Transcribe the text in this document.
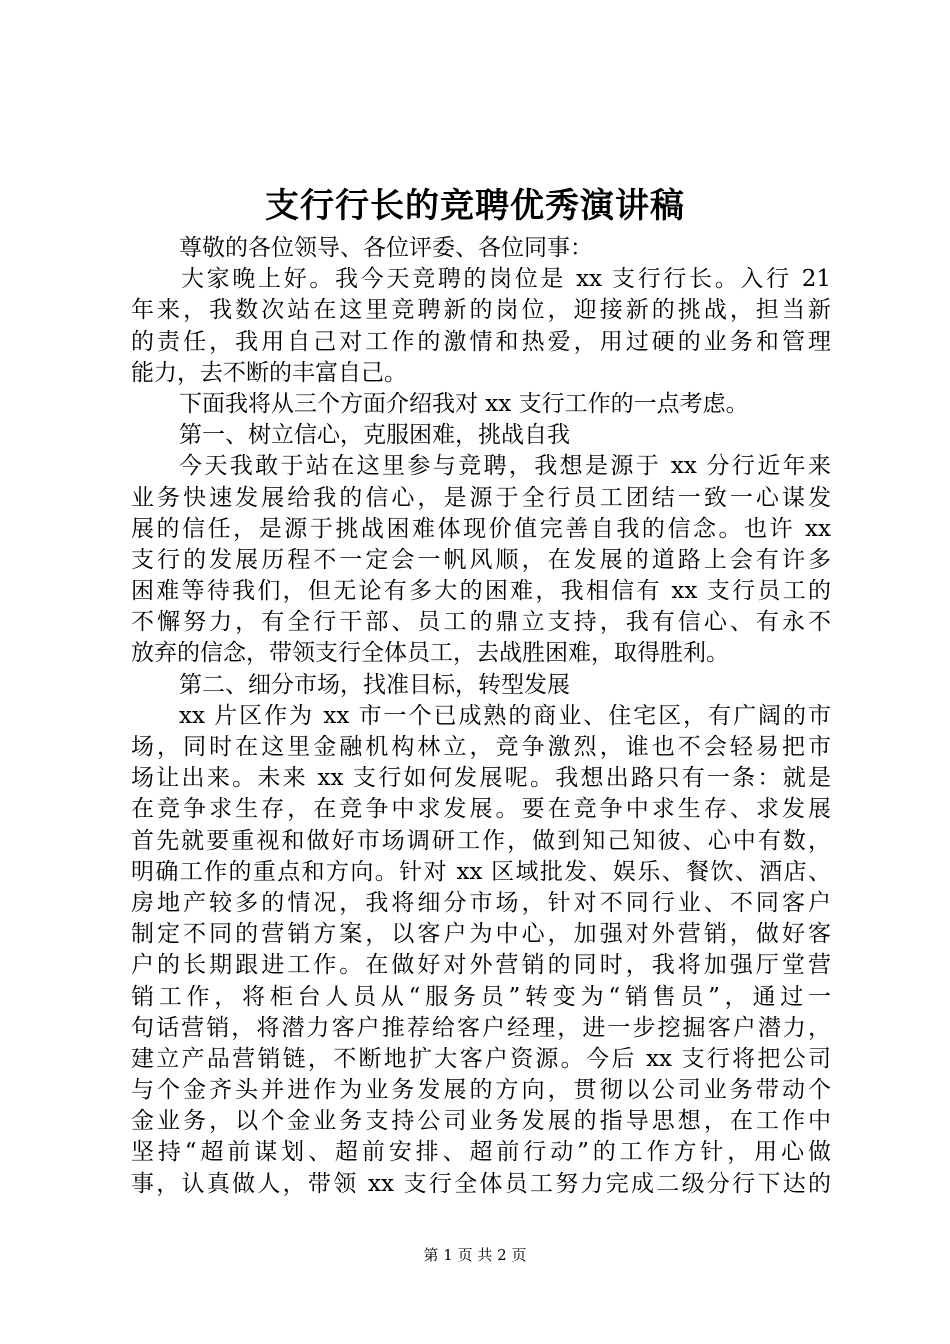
支行行长的竞聘优秀演讲稿
尊敬的各位领导、各位评委、各位同事：
大家晚上好。我今天竞聘的岗位是 xx 支行行长。入行 21
年来，我数次站在这里竞聘新的岗位，迎接新的挑战，担当新
的责任，我用自己对工作的激情和热爱，用过硬的业务和管理
能力，去不断的丰富自己。
下面我将从三个方面介绍我对 xx 支行工作的一点考虑。
第一、树立信心，克服困难，挑战自我
今天我敢于站在这里参与竞聘，我想是源于 xx 分行近年来
业务快速发展给我的信心，是源于全行员工团结一致一心谋发
展的信任，是源于挑战困难体现价值完善自我的信念。也许 xx
支行的发展历程不一定会一帆风顺，在发展的道路上会有许多
困难等待我们，但无论有多大的困难，我相信有 xx 支行员工的
不懈努力，有全行干部、员工的鼎立支持，我有信心、有永不
放弃的信念，带领支行全体员工，去战胜困难，取得胜利。
第二、细分市场，找准目标，转型发展
xx 片区作为 xx 市一个已成熟的商业、住宅区，有广阔的市
场，同时在这里金融机构林立，竞争激烈，谁也不会轻易把市
场让出来。未来 xx 支行如何发展呢。我想出路只有一条：就是
在竞争求生存，在竞争中求发展。要在竞争中求生存、求发展
首先就要重视和做好市场调研工作，做到知己知彼、心中有数，
明确工作的重点和方向。针对 xx 区域批发、娱乐、餐饮、酒店、
房地产较多的情况，我将细分市场，针对不同行业、不同客户
制定不同的营销方案，以客户为中心，加强对外营销，做好客
户的长期跟进工作。在做好对外营销的同时，我将加强厅堂营
销工作，将柜台人员从“服务员”转变为“销售员”，通过一
句话营销，将潜力客户推荐给客户经理，进一步挖掘客户潜力，
建立产品营销链，不断地扩大客户资源。今后 xx 支行将把公司
与个金齐头并进作为业务发展的方向，贯彻以公司业务带动个
金业务，以个金业务支持公司业务发展的指导思想，在工作中
坚持“超前谋划、超前安排、超前行动”的工作方针，用心做
事，认真做人，带领 xx 支行全体员工努力完成二级分行下达的
第 1 页 共 2 页
